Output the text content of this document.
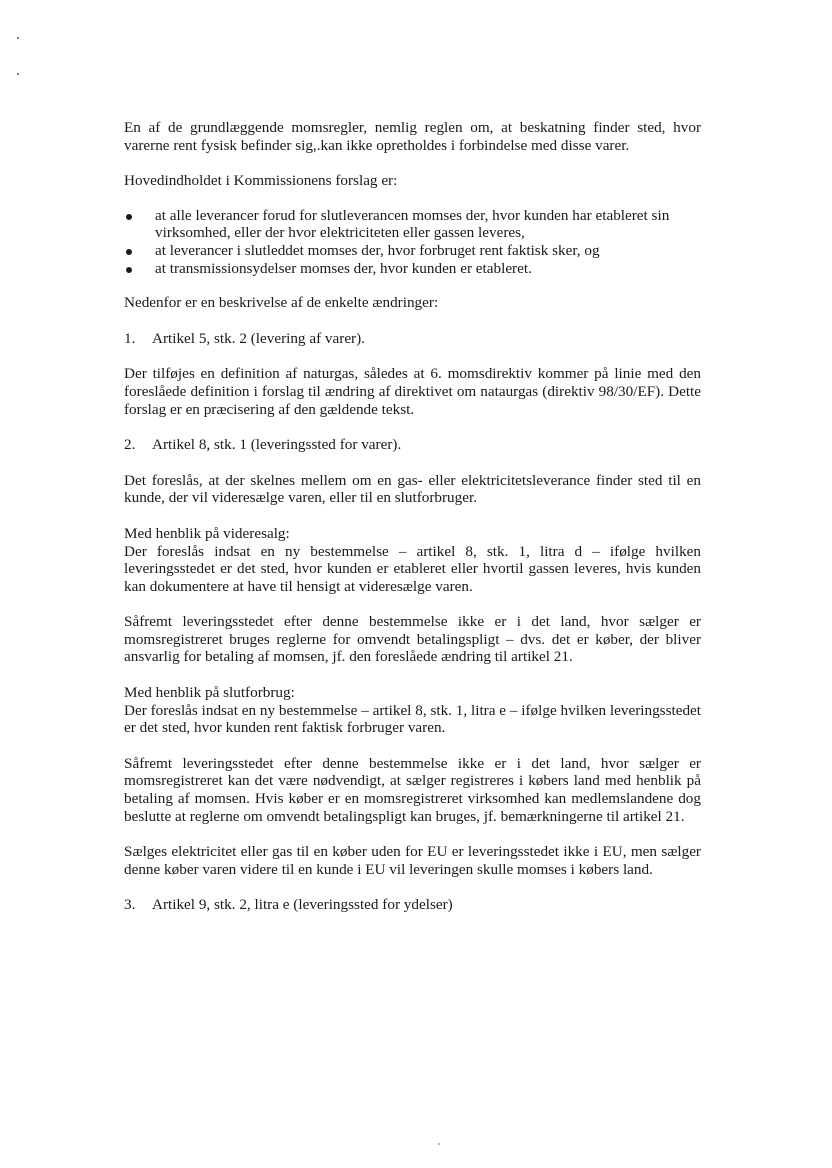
En af de grundlæggende momsregler, nemlig reglen om, at beskatning finder sted, hvor varerne rent fysisk befinder sig,.kan ikke opretholdes i forbindelse med disse varer.

Hovedindholdet i Kommissionens forslag er:

at alle leverancer forud for slutleverancen momses der, hvor kunden har etableret sin virksomhed, eller der hvor elektriciteten eller gassen leveres,
at leverancer i slutleddet momses der, hvor forbruget rent faktisk sker, og
at transmissionsydelser momses der, hvor kunden er etableret.

Nedenfor er en beskrivelse af de enkelte ændringer:

1. Artikel 5, stk. 2 (levering af varer).

Der tilføjes en definition af naturgas, således at 6. momsdirektiv kommer på linie med den foreslåede definition i forslag til ændring af direktivet om nataurgas (direktiv 98/30/EF). Dette forslag er en præcisering af den gældende tekst.

2. Artikel 8, stk. 1 (leveringssted for varer).

Det foreslås, at der skelnes mellem om en gas- eller elektricitetsleverance finder sted til en kunde, der vil videresælge varen, eller til en slutforbruger.

Med henblik på videresalg:

Der foreslås indsat en ny bestemmelse – artikel 8, stk. 1, litra d – ifølge hvilken leveringsstedet er det sted, hvor kunden er etableret eller hvortil gassen leveres, hvis kunden kan dokumentere at have til hensigt at videresælge varen.

Såfremt leveringsstedet efter denne bestemmelse ikke er i det land, hvor sælger er momsregistreret bruges reglerne for omvendt betalingspligt – dvs. det er køber, der bliver ansvarlig for betaling af momsen, jf. den foreslåede ændring til artikel 21.

Med henblik på slutforbrug:

Der foreslås indsat en ny bestemmelse – artikel 8, stk. 1, litra e – ifølge hvilken leveringsstedet er det sted, hvor kunden rent faktisk forbruger varen.

Såfremt leveringsstedet efter denne bestemmelse ikke er i det land, hvor sælger er momsregistreret kan det være nødvendigt, at sælger registreres i købers land med henblik på betaling af momsen. Hvis køber er en momsregistreret virksomhed kan medlemslandene dog beslutte at reglerne om omvendt betalingspligt kan bruges, jf. bemærkningerne til artikel 21.

Sælges elektricitet eller gas til en køber uden for EU er leveringsstedet ikke i EU, men sælger denne køber varen videre til en kunde i EU vil leveringen skulle momses i købers land.

3. Artikel 9, stk. 2, litra e (leveringssted for ydelser)
